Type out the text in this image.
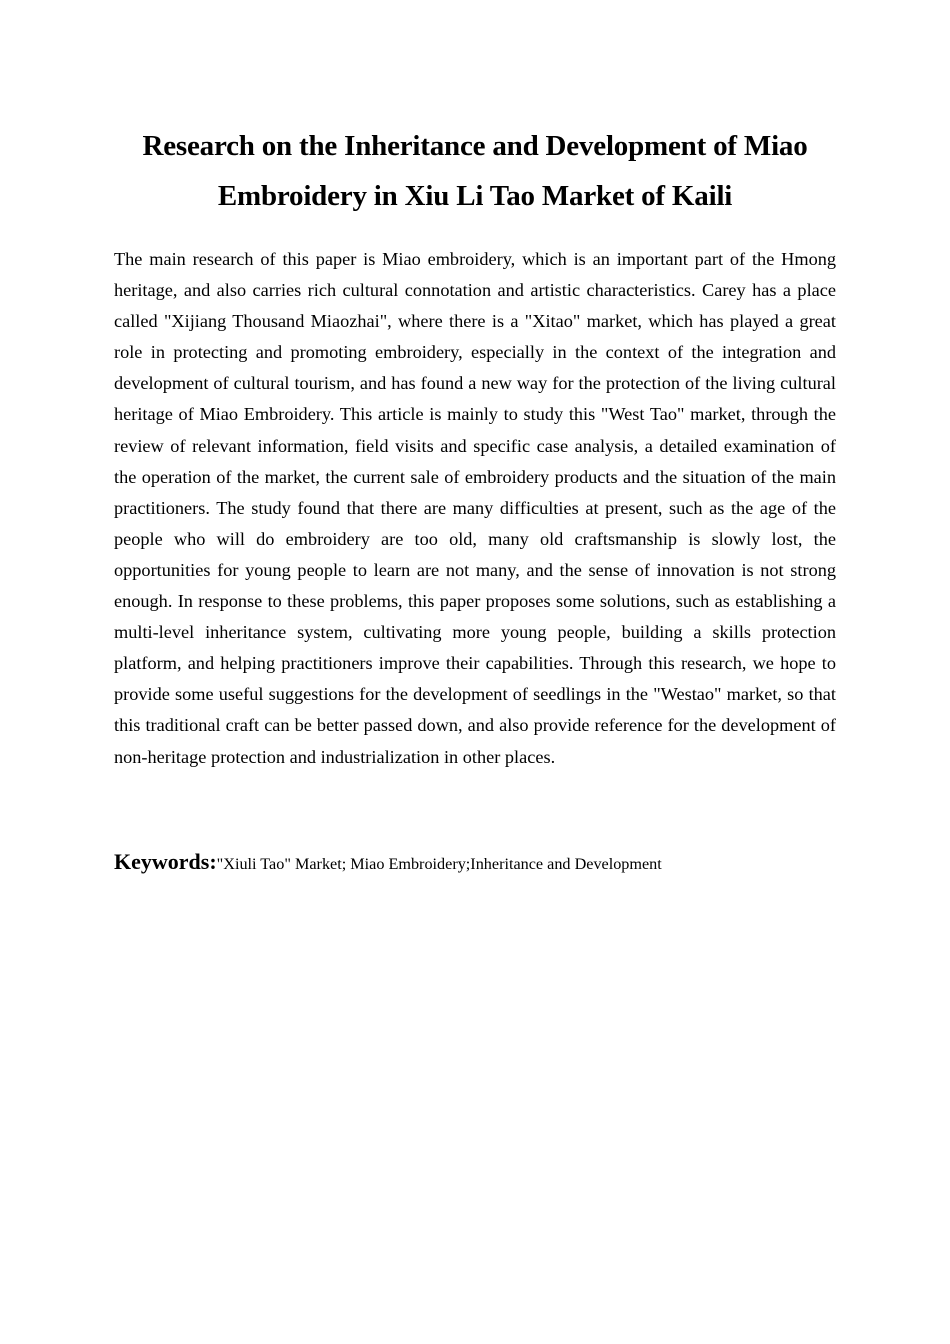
Research on the Inheritance and Development of Miao Embroidery in Xiu Li Tao Market of Kaili

The main research of this paper is Miao embroidery, which is an important part of the Hmong heritage, and also carries rich cultural connotation and artistic characteristics. Carey has a place called "Xijiang Thousand Miaozhai", where there is a "Xitao" market, which has played a great role in protecting and promoting embroidery, especially in the context of the integration and development of cultural tourism, and has found a new way for the protection of the living cultural heritage of Miao Embroidery. This article is mainly to study this "West Tao" market, through the review of relevant information, field visits and specific case analysis, a detailed examination of the operation of the market, the current sale of embroidery products and the situation of the main practitioners. The study found that there are many difficulties at present, such as the age of the people who will do embroidery are too old, many old craftsmanship is slowly lost, the opportunities for young people to learn are not many, and the sense of innovation is not strong enough. In response to these problems, this paper proposes some solutions, such as establishing a multi-level inheritance system, cultivating more young people, building a skills protection platform, and helping practitioners improve their capabilities. Through this research, we hope to provide some useful suggestions for the development of seedlings in the "Westao" market, so that this traditional craft can be better passed down, and also provide reference for the development of non-heritage protection and industrialization in other places.

Keywords:"Xiuli Tao" Market; Miao Embroidery;Inheritance and Development
